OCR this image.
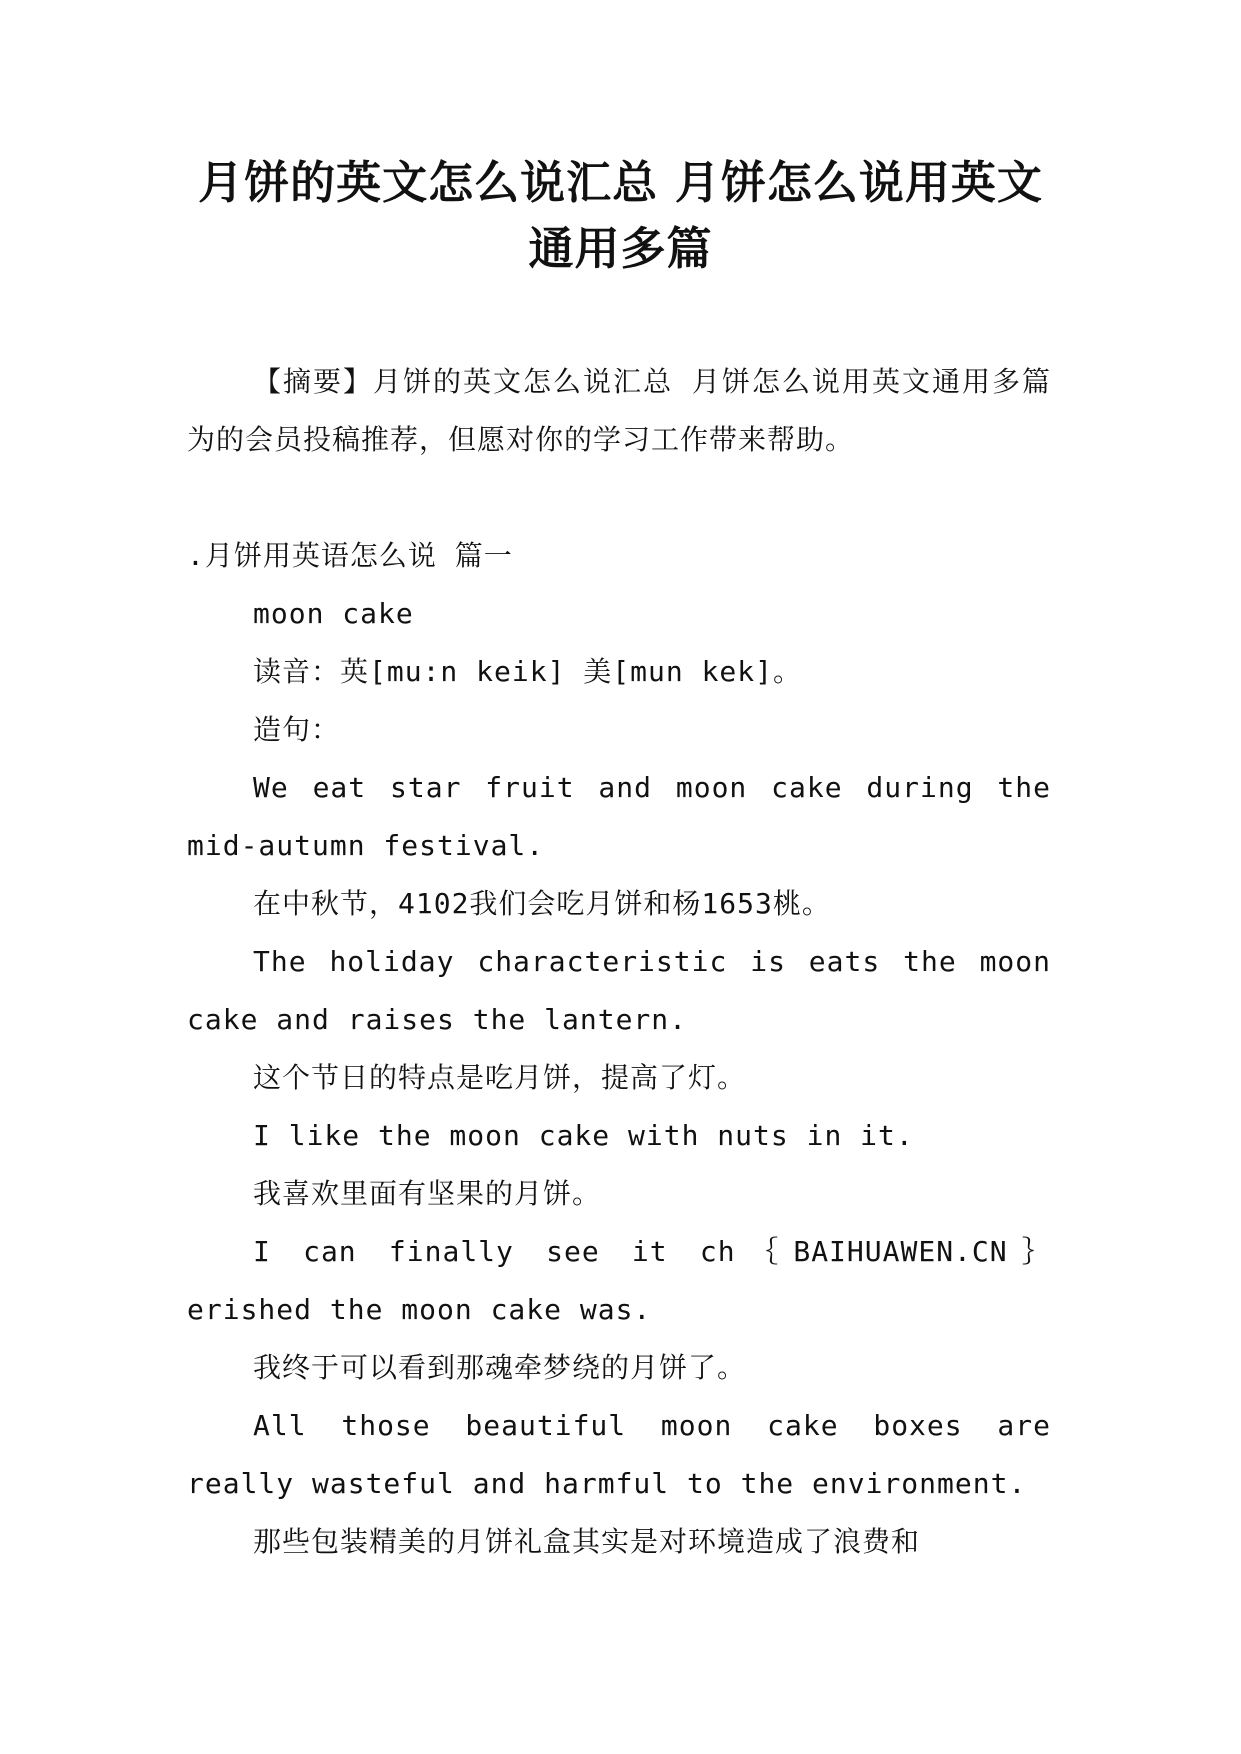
月饼的英文怎么说汇总 月饼怎么说用英文
通用多篇

【摘要】月饼的英文怎么说汇总 月饼怎么说用英文通用多篇为的会员投稿推荐，但愿对你的学习工作带来帮助。

.月饼用英语怎么说 篇一

moon cake

读音：英[mu:n keik] 美[mun kek]。

造句：

We eat star fruit and moon cake during the mid-autumn festival.

在中秋节，4102我们会吃月饼和杨1653桃。

The holiday characteristic is eats the moon cake and raises the lantern.

这个节日的特点是吃月饼，提高了灯。

I like the moon cake with nuts in it.

我喜欢里面有坚果的月饼。

I can finally see it ch｛BAIHUAWEN.CN｝erished the moon cake was.

我终于可以看到那魂牵梦绕的月饼了。

All those beautiful moon cake boxes are really wasteful and harmful to the environment.

那些包装精美的月饼礼盒其实是对环境造成了浪费和
